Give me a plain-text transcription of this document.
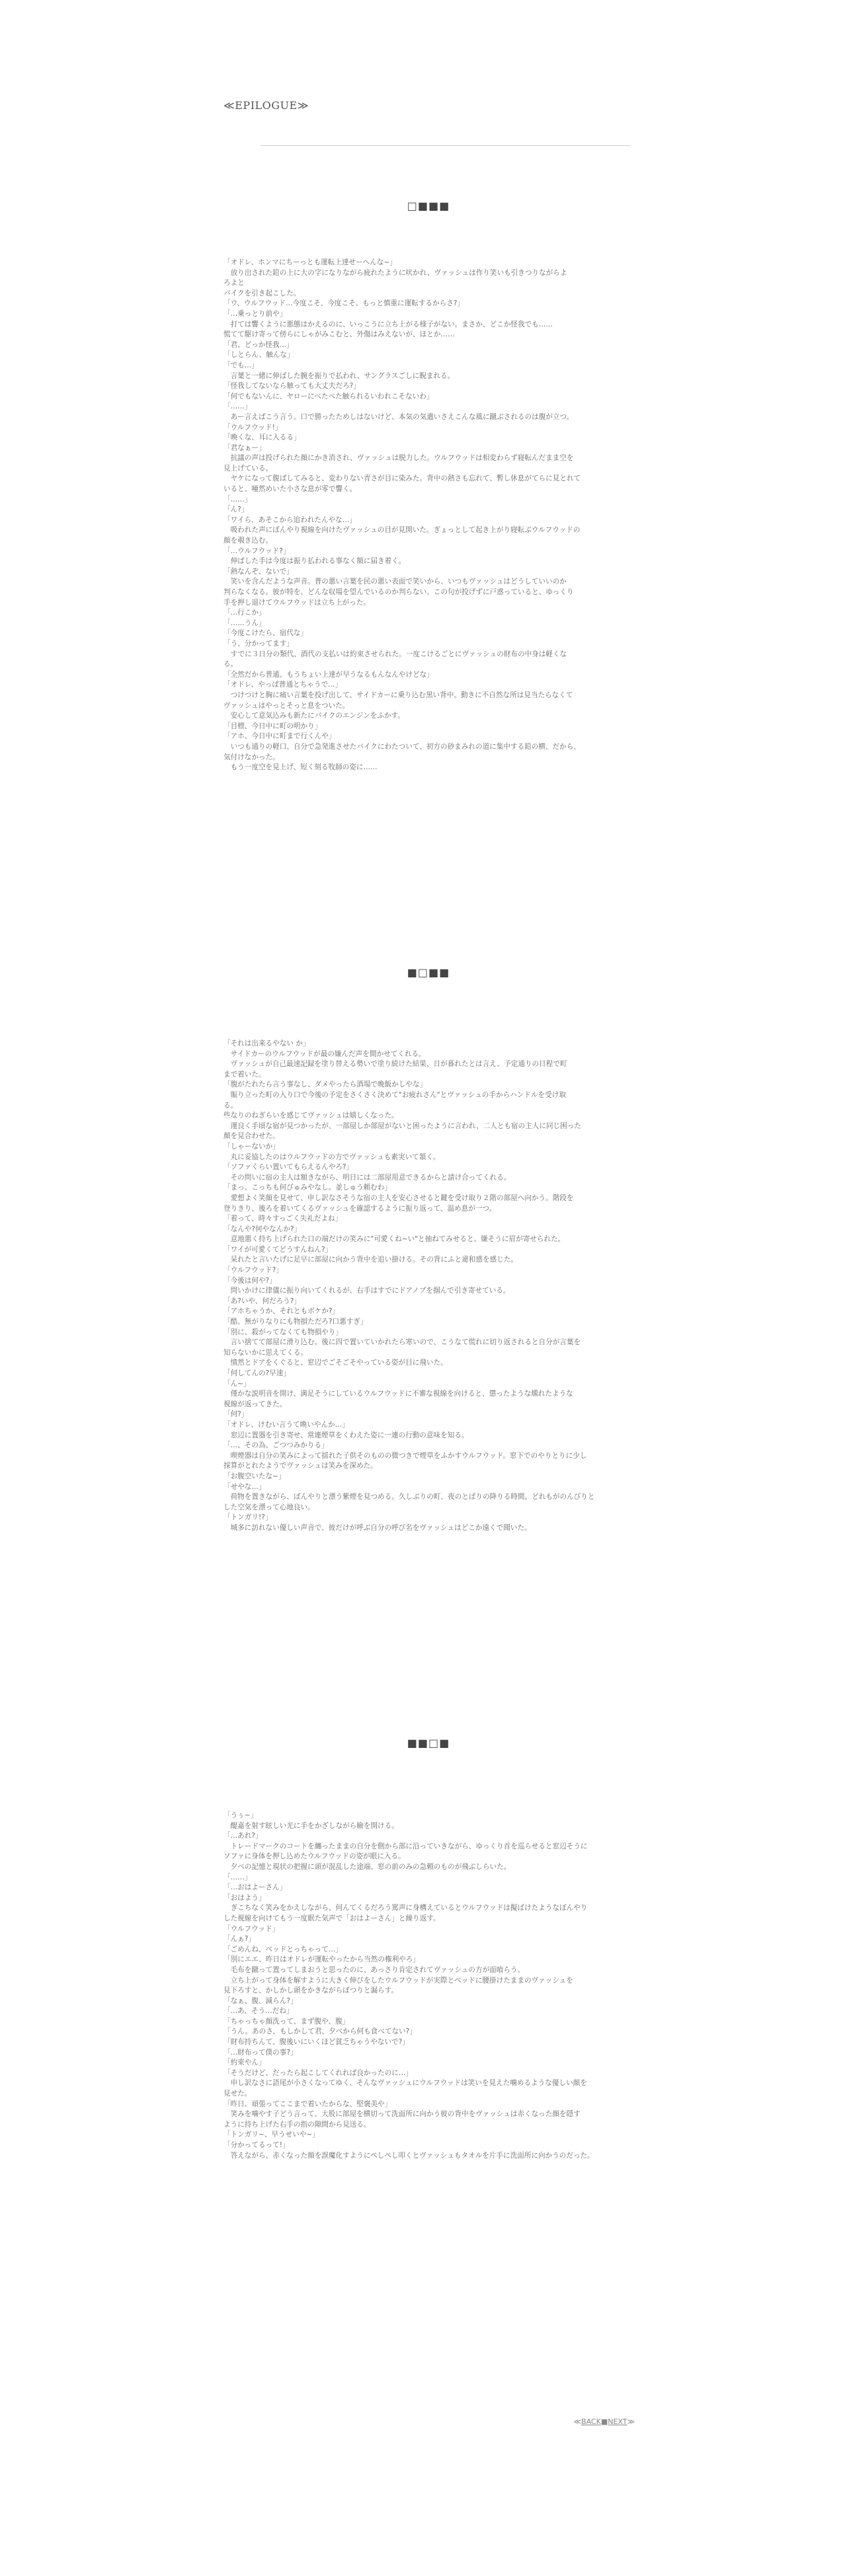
≪EPILOGUE≫
□■■■
「オドレ、ホンマにちーっとも運転上達せーへんな~」
　放り出された鉛の上に大の字になりながら疲れたように吠かれ、ヴァッシュは作り笑いも引きつりながらよ
ろよと
バイクを引き起こした。
「ウ、ウルフウッド…今度こそ、今度こそ、もっと慎重に運転するからさ?」
「…乗っとり前や」
　打ては響くように悪態はかえるのに、いっこうに立ち上がる様子がない。まさか、どこか怪我でも……
慌てて駆け寄って傍らにしゃがみこむと、外傷はみえないが、ほとか……
「君、どっか怪我…」
「しとらん、触んな」
「でも…」
　言葉と一緒に伸ばした腕を振りで払われ、サングラスごしに睨まれる。
「怪我してないなら触っても大丈夫だろ?」
「何でもないんに、ヤローにべたべた触られるいわれこそないわ」
「……」
　あー言えばこう言う。口で勝ったためしはないけど、本気の気遣いさえこんな風に蹴ぶされるのは腹が立つ。
「ウルフウッド!」
「喚くな、耳に入るる」
「君なぁー」
　抗議の声は投げられた顔にかき消され、ヴァッシュは脱力した。ウルフウッドは相変わらず寝転んだまま空を
見上げている。
　ヤケになって腹ばしてみると、変わりない青さが目に染みた。背中の熱さも忘れて、暫し休息がてらに見とれて
いると、唖然めいた小さな息が零で響く。
「……」
「ん?」
「ワイら、あそこから追われたんやな…」
　吸われた声にぼんやり視線を向けたヴァッシュの目が見開いた。ぎょっとして起き上がり寝転ぶウルフウッドの
顔を覗き込む。
「…ウルフウッド?」
　伸ばした手は今度は振り払われる事なく額に届き着く。
「熱なんぞ、ないで」
　笑いを含んだような声音。普の悪い言葉を民の悪い表面で笑いから、いつもヴァッシュはどうしていいのか
判らなくなる。彼が特を、どんな収場を望んでいるのか判らない。この句が投げずに戸惑っていると、ゆっくり
手を押し退けてウルフウッドは立ち上がった。
「…行こか」
「……うん」
「今度こけたら、宿代な」
「う、分かってます」
　すでに３日分の類代、酒代の支払いは約束させられた。一度こけるごとにヴァッシュの財布の中身は軽くな
る。
「全然だから普通、もうちょい上達が早うなるもんなんやけどな」
「オドレ、やっぱ普通とちゃうで…」
　つけつけと胸に痛い言葉を投げ出して、サイドカーに乗り込む黒い背中。動きに不自然な所は見当たらなくて
ヴァッシュはやっとそっと息をついた。
　安心して意気込みも新たにバイクのエンジンをふかす。
「目標、今日中に町の明かり」
「アホ、今日中に町まで行くんや」
　いつも通りの軽口、自分で急発進させたバイクにわたついて、初方の砂まみれの道に集中する鉛の横、だから、
気付けなかった。
　もう一度空を見上げ、短く刻る牧師の姿に……
■□■■
「それは出来るやない か」
　サイドカーのウルフウッドが最の嫌んだ声を間かせてくれる。
　ヴァッシュが自己最速記録を塗り替える勢いで塗り続けた結果、日が暮れたとは言え、予定通りの日程で町
まで着いた。
「腹がたれたら言う事なし、ダメやったら酒場で晩飯かしやな」
　賑り立った町の入り口で今後の予定をさくさく決めて"お疲れさん"とヴァッシュの手からハンドルを受け取
る。
些なりのねぎらいを感じてヴァッシュは嬉しくなった。
　運良く手頃な宿が見つかったが、一部屋しか部屋がないと困ったように言われ、二人とも宿の主人に同じ困った
顔を見合わせた。
「しゃーないか」
　丸に妥協したのはウルフウッドの方でヴァッシュも素実いて頷く。
「ソファくらい置いてもらえるんやろ?」
　その問いに宿の主人は額きながら、明日には二部屋用意できるからと請け合ってくれる。
「まっ、こっちも何びゅみやなし。並しゅう頼むわ」
　愛想よく笑顔を見せて、申し訳なさそうな宿の主人を安心させると鍵を受け取り２階の部屋へ向かう。階段を
登りきり、後ろを着いてくるヴァッシュを確認するように振り返って、温め息が一つ。
「着って、時々すっごく失礼だよね」
「なんや?何やなんか?」
　意地悪く持ち上げられた口の端だけの笑みに"可愛くね~い"と抽ねてみせると、嫌そうに眉が寄せられた。
「ワイが可愛くてどうすんねん?」
　呆れたと言いたげに足早に部屋に向かう背中を追い掛ける。その背にふと違和感を感じた。
「ウルフウッド?」
「今後は何や?」
　問いかけに律儀に振り向いてくれるが、右手はすでにドアノブを掴んで引き寄せている。
「あ?いや、何だろう?」
「アホちゃうか、それともボケか?」
「酷、無がりなりにも物損ただろ?口悪すぎ」
「別に、殺がってなくても物損やり」
　言い捨てて部屋に滑り込む。後に四で置いていかれたら寒いので、こうなて慌れに切り返されると自分が言葉を
知らないかに思えてくる。
　憤然とドアをくぐると、窓辺でごそごそやっている姿が目に飛いた。
「何してんの?早速」
「ん~」
　僅かな説明音を開け、満足そうにしているウルフウッドに不審な視線を向けると、懲ったような燻れたような
視線が返ってきた。
「何?」
「オドレ、けむい言うて喚いやんか…」
　窓辺に置器を引き寄せ、常連煙草をくわえた姿に一連の行動の意味を知る。
「…、その為、ごつつみかりる」
　喫煙器は自分の笑みによって揺れた子供そのものの微つきで煙草をふかすウルフウッド。窓下でのやりとりに少し
採算がとれたようでヴァッシュは笑みを深めた。
「お腹空いたな~」
「せやな…」
　荷物を置きながら、ぼんやりと漂う紫煙を見つめる。久しぶりの町、夜のとばりの降りる時間。どれもがのんびりと
した空気を漂って心地良い。
「トンガリ!?」
　城多に訪れない優しい声音で、彼だけが呼ぶ自分の呼び名をヴァッシュはどこか遠くで聞いた。
■■□■
「うぅ~」
　醍嘉を射す眩しい光に手をかざしながら瞼を開ける。
「…あれ?」
　トレードマークのコートを纏ったままの自分を側から部に沿っていきながら、ゆっくり首を巡らせると窓辺そうに
ソファに身体を押し込めたウルフウッドの姿が眼に入る。
　夕べの記憶と現状の把握に頭が混乱した途端、窓の前のみの急頼のものが飛ぶしらいた。
「……」
「…おはよーさん」
「おはよう」
　ぎこちなく笑みをかえしながら、何んてくるだろう罵声に身構えているとウルフウッドは擬ばけたようなぼんやり
した視線を向けてもう一度眠た気声で「おはよーさん」と繰り返す。
「ウルフウッド」
「んぁ?」
「ごめんね、ベッドとっちゃって…」
「別にエエ、昨日はオドレが運転やったから当然の権利やろ」
　毛布を蹴って置ってしまおうと思ったのに、あっさり肯定されてヴァッシュの方が面喰らう。
　立ち上がって身体を解すように大きく伸びをしたウルフウッドが実際とベッドに腰掛けたままのヴァッシュを
見下ろすと、かしかし頭をかきながらぼつりと漏らす。
「なぁ、腹、減らん?」
「…あ、そう…だね」
「ちゃっちゃ顔洗って、まず腹や、腹」
「うん。あのさ、もしかして君、夕べから何も食べてない?」
「財布持ちんて、腹後いにいくほど貧乏ちゃうやないで?」
「…財布って僕の事?」
「約束やん」
「そうだけど、だったら起こしてくれれば良かったのに…」
　申し訳なさに語尾が小さくなってゆく、そんなヴァッシュにウルフウッドは笑いを見えた噛めるような優しい顔を
見せた。
「昨日、頑張ってここまで着いたからな、堅褒美や」
　笑みを噛やす子どう言って、大股に部屋を横切って洗面所に向かう彼の背中をヴァッシュは赤くなった顔を隠す
ように持ち上げた右手の指の隙間から見送る。
「トンガリ~、早うせいや~」
「分かってるって!」
　答えながら、赤くなった顔を誤魔化すようにぺしぺし叩くとヴァッシュもタオルを片手に洗面所に向かうのだった。
≪BACK■NEXT≫
